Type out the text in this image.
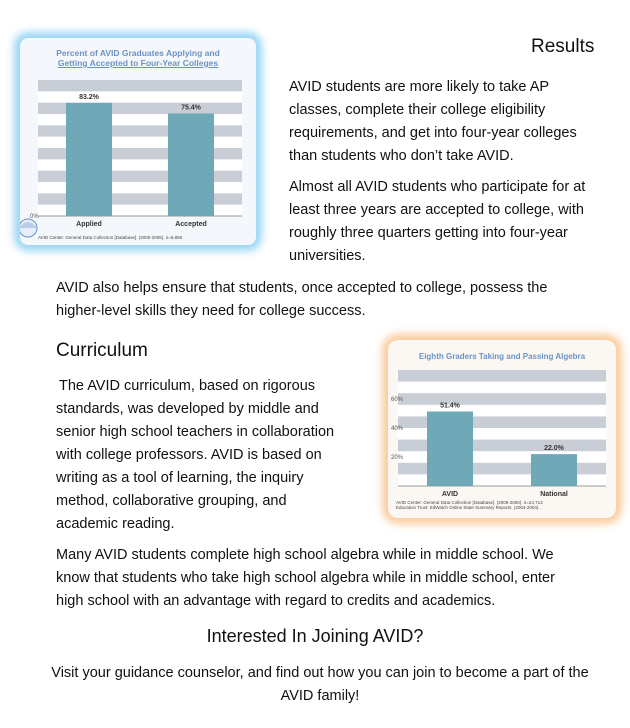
Percent of AVID Graduates Applying and
Getting Accepted to Four-Year Colleges
83.2%
Applied
75.4%
Accepted
0%
AVID Center: General Data Collection [Database]. (2005-2006). n=8,855
Results
AVID students are more likely to take AP classes, complete their college eligibility requirements, and get into four-year colleges than students who don’t take AVID.
Almost all AVID students who participate for at least three years are accepted to college, with roughly three quarters getting into four-year universities.
AVID also helps ensure that students, once accepted to college, possess the higher-level skills they need for college success.
Curriculum
The AVID curriculum, based on rigorous standards, was developed by middle and senior high school teachers in collaboration with college professors. AVID is based on writing as a tool of learning, the inquiry method, collaborative grouping, and academic reading.
Eighth Graders Taking and Passing Algebra
51.4%
AVID
22.0%
National
60%
40%
20%
AVID Center: General Data Collection [Database]. (2005-2006). n=24,713
Education Trust: EdWatch Online State Summary Reports. (2003-2004).
Many AVID students complete high school algebra while in middle school. We know that students who take high school algebra while in middle school, enter high school with an advantage with regard to credits and academics.
Interested In Joining AVID?
Visit your guidance counselor, and find out how you can join to become a part of the AVID family!
